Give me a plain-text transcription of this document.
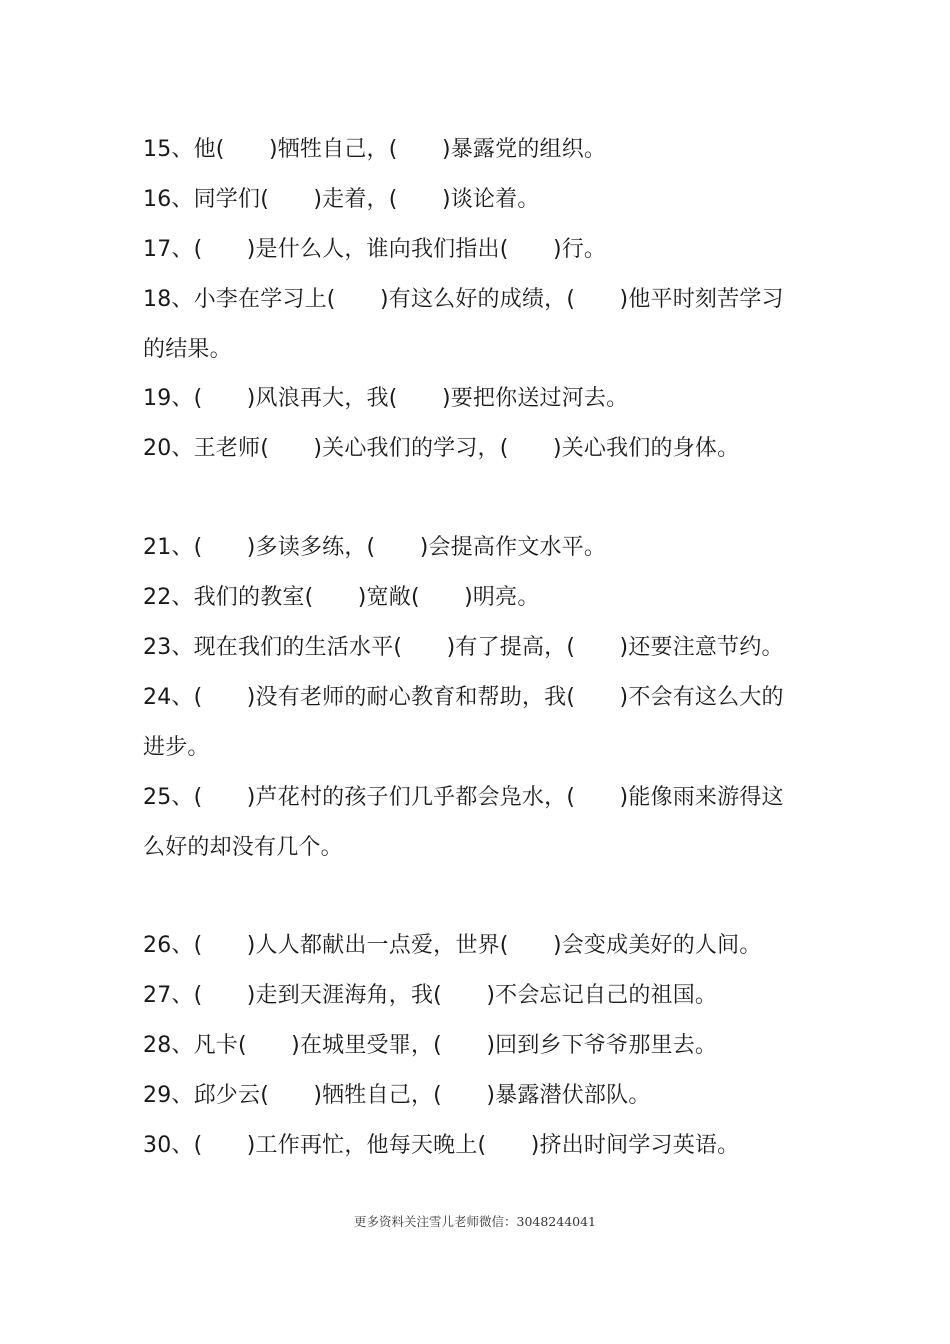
15、他(　　)牺牲自己，(　　)暴露党的组织。
16、同学们(　　)走着，(　　)谈论着。
17、(　　)是什么人，谁向我们指出(　　)行。
18、小李在学习上(　　)有这么好的成绩，(　　)他平时刻苦学习
的结果。
19、(　　)风浪再大，我(　　)要把你送过河去。
20、王老师(　　)关心我们的学习，(　　)关心我们的身体。
21、(　　)多读多练，(　　)会提高作文水平。
22、我们的教室(　　)宽敞(　　)明亮。
23、现在我们的生活水平(　　)有了提高，(　　)还要注意节约。
24、(　　)没有老师的耐心教育和帮助，我(　　)不会有这么大的
进步。
25、(　　)芦花村的孩子们几乎都会凫水，(　　)能像雨来游得这
么好的却没有几个。
26、(　　)人人都献出一点爱，世界(　　)会变成美好的人间。
27、(　　)走到天涯海角，我(　　)不会忘记自己的祖国。
28、凡卡(　　)在城里受罪，(　　)回到乡下爷爷那里去。
29、邱少云(　　)牺牲自己，(　　)暴露潜伏部队。
30、(　　)工作再忙，他每天晚上(　　)挤出时间学习英语。
更多资料关注雪儿老师微信：3048244041
